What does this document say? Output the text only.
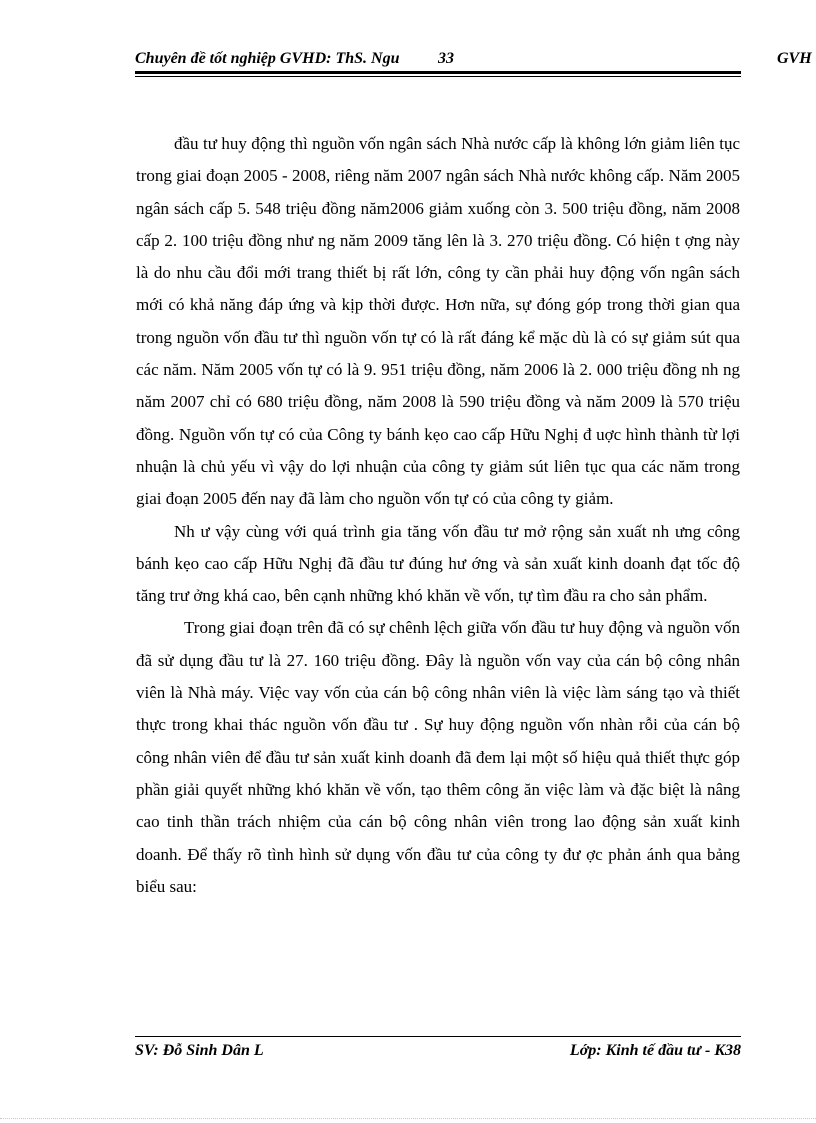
Chuyên đề tốt nghiệp GVHD: ThS. Ngu 33	GVH

đầu tư huy động thì nguồn vốn ngân sách Nhà nước cấp là không lớn giảm liên tục trong giai đoạn 2005 - 2008, riêng năm 2007 ngân sách Nhà nước không cấp. Năm 2005 ngân sách cấp 5. 548 triệu đồng năm2006 giảm xuống còn 3. 500 triệu đồng, năm 2008 cấp 2. 100 triệu đồng như ng năm 2009 tăng lên là 3. 270 triệu đồng. Có hiện t ợng này là do nhu cầu đổi mới trang thiết bị rất lớn, công ty cần phải huy động vốn ngân sách mới có khả năng đáp ứng và kịp thời được. Hơn nữa, sự đóng góp trong thời gian qua trong nguồn vốn đầu tư thì nguồn vốn tự có là rất đáng kể mặc dù là có sự giảm sút qua các năm. Năm 2005 vốn tự có là 9. 951 triệu đồng, năm 2006 là 2. 000 triệu đồng nh ng năm 2007 chỉ có 680 triệu đồng, năm 2008 là 590 triệu đồng và năm 2009 là 570 triệu đồng. Nguồn vốn tự có của Công ty bánh kẹo cao cấp Hữu Nghị đ uợc hình thành từ lợi nhuận là chủ yếu vì vậy do lợi nhuận của công ty giảm sút liên tục qua các năm trong giai đoạn 2005 đến nay đã làm cho nguồn vốn tự có của công ty giảm.

Nh ư vậy cùng với quá trình gia tăng vốn đầu tư mở rộng sản xuất nh ưng công bánh kẹo cao cấp Hữu Nghị đã đầu tư đúng hư ớng và sản xuất kinh doanh đạt tốc độ tăng trư ởng khá cao, bên cạnh những khó khăn về vốn, tự tìm đầu ra cho sản phẩm.

Trong giai đoạn trên đã có sự chênh lệch giữa vốn đầu tư huy động và nguồn vốn đã sử dụng đầu tư là 27. 160 triệu đồng. Đây là nguồn vốn vay của cán bộ công nhân viên là Nhà máy. Việc vay vốn của cán bộ công nhân viên là việc làm sáng tạo và thiết thực trong khai thác nguồn vốn đầu tư . Sự huy động nguồn vốn nhàn rỗi của cán bộ công nhân viên để đầu tư sản xuất kinh doanh đã đem lại một số hiệu quả thiết thực góp phần giải quyết những khó khăn về vốn, tạo thêm công ăn việc làm và đặc biệt là nâng cao tinh thần trách nhiệm của cán bộ công nhân viên trong lao động sản xuất kinh doanh. Để thấy rõ tình hình sử dụng vốn đầu tư của công ty đư ợc phản ánh qua bảng biểu sau:

SV: Đỗ Sinh Dân L	Lớp: Kinh tế đầu tư - K38
